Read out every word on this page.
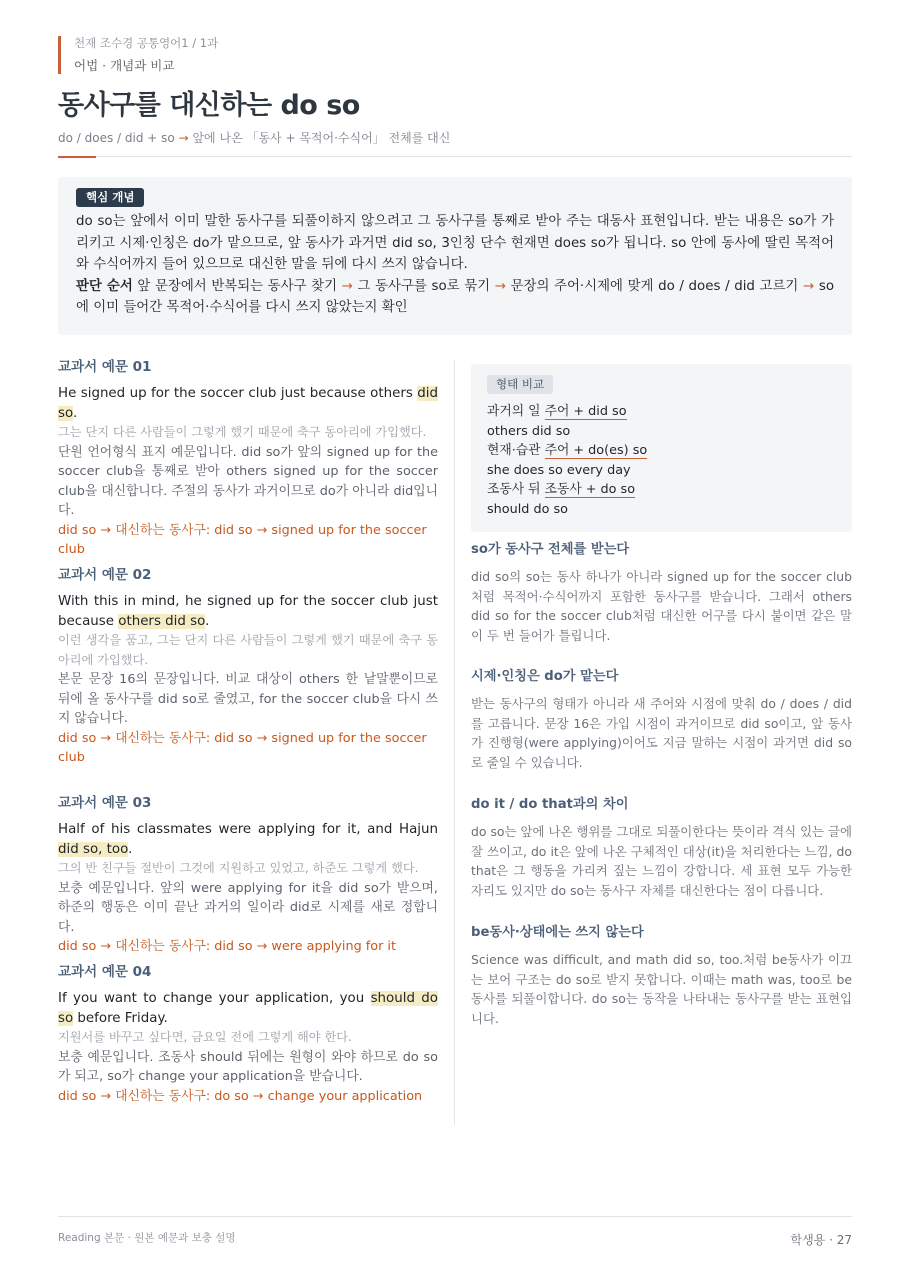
천재 조수경 공통영어1 / 1과
어법 · 개념과 비교
동사구를 대신하는 do so
do / does / did + so → 앞에 나온 「동사 + 목적어·수식어」 전체를 대신
핵심 개념

do so는 앞에서 이미 말한 동사구를 되풀이하지 않으려고 그 동사구를 통째로 받아 주는 대동사 표현입니다. 받는 내용은 so가 가리키고 시제·인칭은 do가 맡으므로, 앞 동사가 과거면 did so, 3인칭 단수 현재면 does so가 됩니다. so 안에 동사에 딸린 목적어와 수식어까지 들어 있으므로 대신한 말을 뒤에 다시 쓰지 않습니다.

판단 순서 앞 문장에서 반복되는 동사구 찾기 → 그 동사구를 so로 묶기 → 문장의 주어·시제에 맞게 do / does / did 고르기 → so에 이미 들어간 목적어·수식어를 다시 쓰지 않았는지 확인

교과서 예문 01

He signed up for the soccer club just because others did so.

그는 단지 다른 사람들이 그렇게 했기 때문에 축구 동아리에 가입했다.

단원 언어형식 표지 예문입니다. did so가 앞의 signed up for the soccer club을 통째로 받아 others signed up for the soccer club을 대신합니다. 주절의 동사가 과거이므로 do가 아니라 did입니다.

did so → 대신하는 동사구: did so → signed up for the soccer club

교과서 예문 02

With this in mind, he signed up for the soccer club just because others did so.

이런 생각을 품고, 그는 단지 다른 사람들이 그렇게 했기 때문에 축구 동아리에 가입했다.

본문 문장 16의 문장입니다. 비교 대상이 others 한 낱말뿐이므로 뒤에 올 동사구를 did so로 줄였고, for the soccer club을 다시 쓰지 않습니다.

did so → 대신하는 동사구: did so → signed up for the soccer club

교과서 예문 03

Half of his classmates were applying for it, and Hajun did so, too.

그의 반 친구들 절반이 그것에 지원하고 있었고, 하준도 그렇게 했다.

보충 예문입니다. 앞의 were applying for it을 did so가 받으며, 하준의 행동은 이미 끝난 과거의 일이라 did로 시제를 새로 정합니다.

did so → 대신하는 동사구: did so → were applying for it

교과서 예문 04

If you want to change your application, you should do so before Friday.

지원서를 바꾸고 싶다면, 금요일 전에 그렇게 해야 한다.

보충 예문입니다. 조동사 should 뒤에는 원형이 와야 하므로 do so가 되고, so가 change your application을 받습니다.

did so → 대신하는 동사구: do so → change your application

형태 비교
과거의 일 주어 + did so
others did so
현재·습관 주어 + do(es) so
she does so every day
조동사 뒤 조동사 + do so
should do so
so가 동사구 전체를 받는다

did so의 so는 동사 하나가 아니라 signed up for the soccer club처럼 목적어·수식어까지 포함한 동사구를 받습니다. 그래서 others did so for the soccer club처럼 대신한 어구를 다시 붙이면 같은 말이 두 번 들어가 틀립니다.

시제·인칭은 do가 맡는다

받는 동사구의 형태가 아니라 새 주어와 시점에 맞춰 do / does / did를 고릅니다. 문장 16은 가입 시점이 과거이므로 did so이고, 앞 동사가 진행형(were applying)이어도 지금 말하는 시점이 과거면 did so로 줄일 수 있습니다.

do it / do that과의 차이

do so는 앞에 나온 행위를 그대로 되풀이한다는 뜻이라 격식 있는 글에 잘 쓰이고, do it은 앞에 나온 구체적인 대상(it)을 처리한다는 느낌, do that은 그 행동을 가리켜 짚는 느낌이 강합니다. 세 표현 모두 가능한 자리도 있지만 do so는 동사구 자체를 대신한다는 점이 다릅니다.

be동사·상태에는 쓰지 않는다

Science was difficult, and math did so, too.처럼 be동사가 이끄는 보어 구조는 do so로 받지 못합니다. 이때는 math was, too로 be동사를 되풀이합니다. do so는 동작을 나타내는 동사구를 받는 표현입니다.

Reading 본문 · 원본 예문과 보충 설명	학생용 · 27
